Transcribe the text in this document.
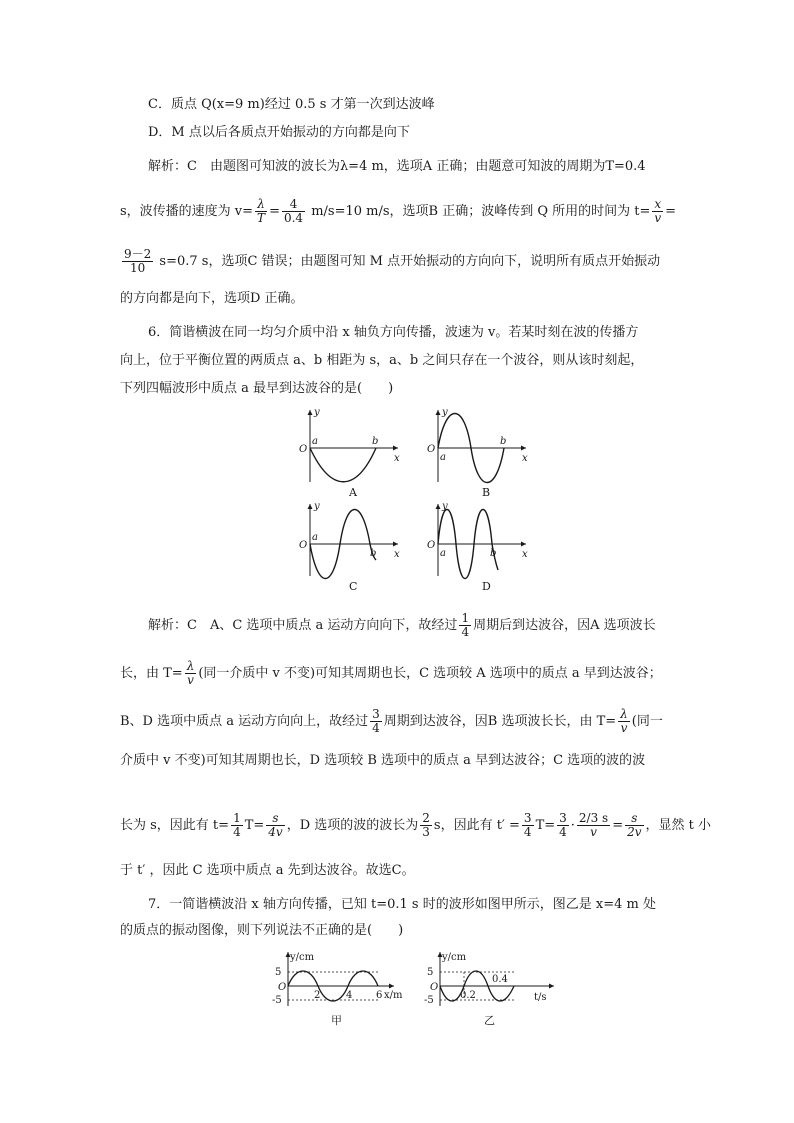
C．质点 Q(x=9 m)经过 0.5 s 才第一次到达波峰
D．M 点以后各质点开始振动的方向都是向下
解析：C　由题图可知波的波长为λ=4 m，选项A 正确；由题意可知波的周期为T=0.4
s，波传播的速度为 $v= \frac{\lambda}{T} = \frac{4}{0.4} m/s=10$ m/s，选项B 正确；波峰传到 Q 所用的时间为 $t= \frac{x}{v}$ =
$\frac{9-2}{10} s=0.7$ s，选项C 错误；由题图可知 M 点开始振动的方向向下，说明所有质点开始振动
的方向都是向下，选项D 正确。
6．简谐横波在同一均匀介质中沿 x 轴负方向传播，波速为 v。若某时刻在波的传播方
向上，位于平衡位置的两质点 a、b 相距为 s，a、b 之间只存在一个波谷，则从该时刻起，
下列四幅波形中质点 a 最早到达波谷的是(　　)
y
x
O
a	b
A
y
x
O
a
b
B
y
x
O
a
b
C
y
x
O
a	b
D
解析：C　A、C 选项中质点 a 运动方向向下，故经过 $\frac{1}{4}$ 周期后到达波谷，因A 选项波长
长，由 $T= \frac{\lambda}{v}$ (同一介质中 v 不变)可知其周期也长，C 选项较 A 选项中的质点 a 早到达波谷；
B、D 选项中质点 a 运动方向向上，故经过 $\frac{3}{4}$ 周期到达波谷，因B 选项波长长，由 $T= \frac{\lambda}{v}$ (同一
介质中 v 不变)可知其周期也长，D 选项较 B 选项中的质点 a 早到达波谷；C 选项的波的波
长为 s，因此有 $t= \frac{1}{4} T= \frac{s}{4v}$ ，D 选项的波的波长为 $\frac{2}{3}$ s，因此有 $t' = \frac{3}{4} T= \frac{3}{4} \cdot \frac{2/3 s}{v} = \frac{s}{2v}$ ，显然 t 小
于 t′ ，因此 C 选项中质点 a 先到达波谷。故选C。
7．一简谐横波沿 x 轴方向传播，已知 t=0.1 s 时的波形如图甲所示，图乙是 x=4 m 处
的质点的振动图像，则下列说法不正确的是(　　)
y/cm
5
O
-5	2	4 6 x/m
甲
y/cm
5
O
-5	0.2
0.4
t/s
乙
